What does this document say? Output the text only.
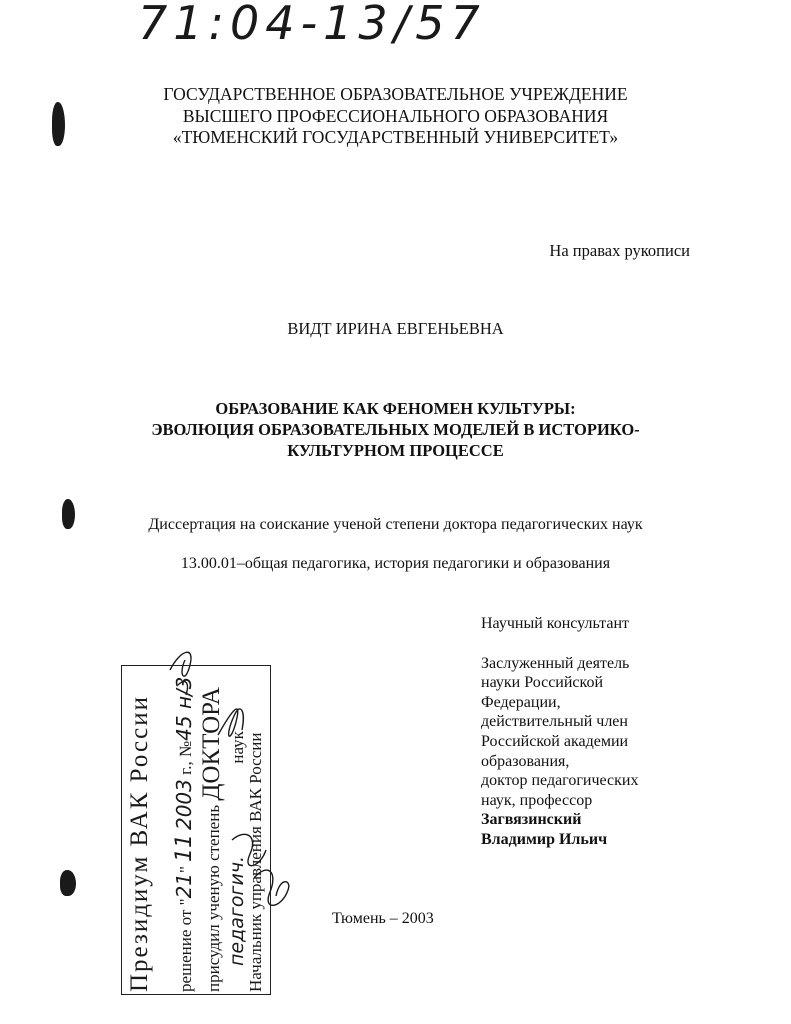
71:04-13/57
ГОСУДАРСТВЕННОЕ ОБРАЗОВАТЕЛЬНОЕ УЧРЕЖДЕНИЕ
ВЫСШЕГО ПРОФЕССИОНАЛЬНОГО ОБРАЗОВАНИЯ
«ТЮМЕНСКИЙ ГОСУДАРСТВЕННЫЙ УНИВЕРСИТЕТ»
На правах рукописи
ВИДТ ИРИНА ЕВГЕНЬЕВНА
ОБРАЗОВАНИЕ КАК ФЕНОМЕН КУЛЬТУРЫ:
ЭВОЛЮЦИЯ ОБРАЗОВАТЕЛЬНЫХ МОДЕЛЕЙ В ИСТОРИКО-
КУЛЬТУРНОМ ПРОЦЕССЕ
Диссертация на соискание ученой степени доктора педагогических наук
13.00.01–общая педагогика, история педагогики и образования
Научный консультант
Заслуженный деятель
науки Российской
Федерации,
действительный член
Российской академии
образования,
доктор педагогических
наук, профессор
Загвязинский
Владимир Ильич
Тюмень – 2003
Президиум ВАК России решение от "21"112003 г., №45 н/3
присудил ученую степень ДОКТОРА
педагогич. наук Начальник управления ВАК России
